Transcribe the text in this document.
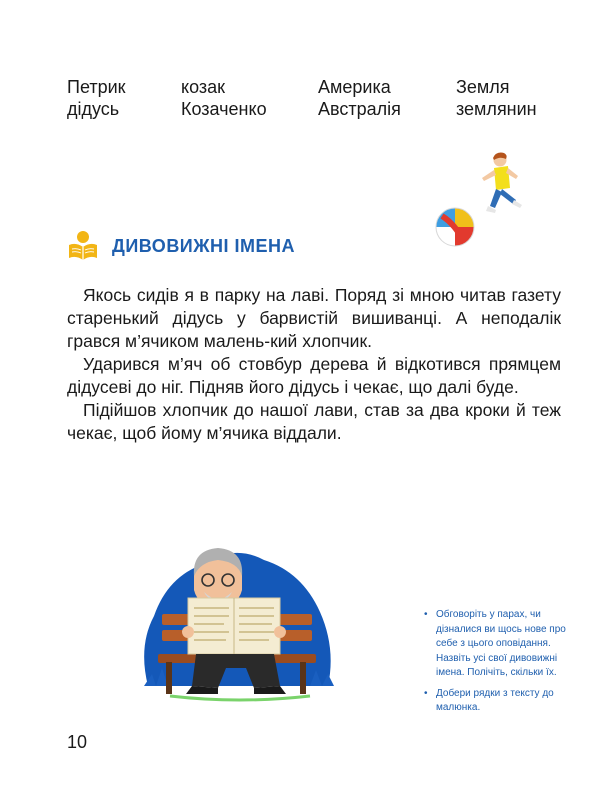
Петрик	козак	Америка	Земля
дідусь	Козаченко	Австралія	землянин
ДИВОВИЖНІ ІМЕНА

Якось сидів я в парку на лаві. Поряд зі мною читав газету старенький дідусь у барвистій вишиванці. А неподалік грався м’ячиком малень-кий хлопчик.

Ударився м’яч об стовбур дерева й відкотився прямцем дідусеві до ніг. Підняв його дідусь і чекає, що далі буде.

Підійшов хлопчик до нашої лави, став за два кроки й теж чекає, щоб йому м’ячика віддали.

• Обговоріть у парах, чи дізналися ви щось нове про себе з цього оповідання. Назвіть усі свої дивовижні імена. Полічіть, скільки їх.
• Добери рядки з тексту до малюнка.
10
